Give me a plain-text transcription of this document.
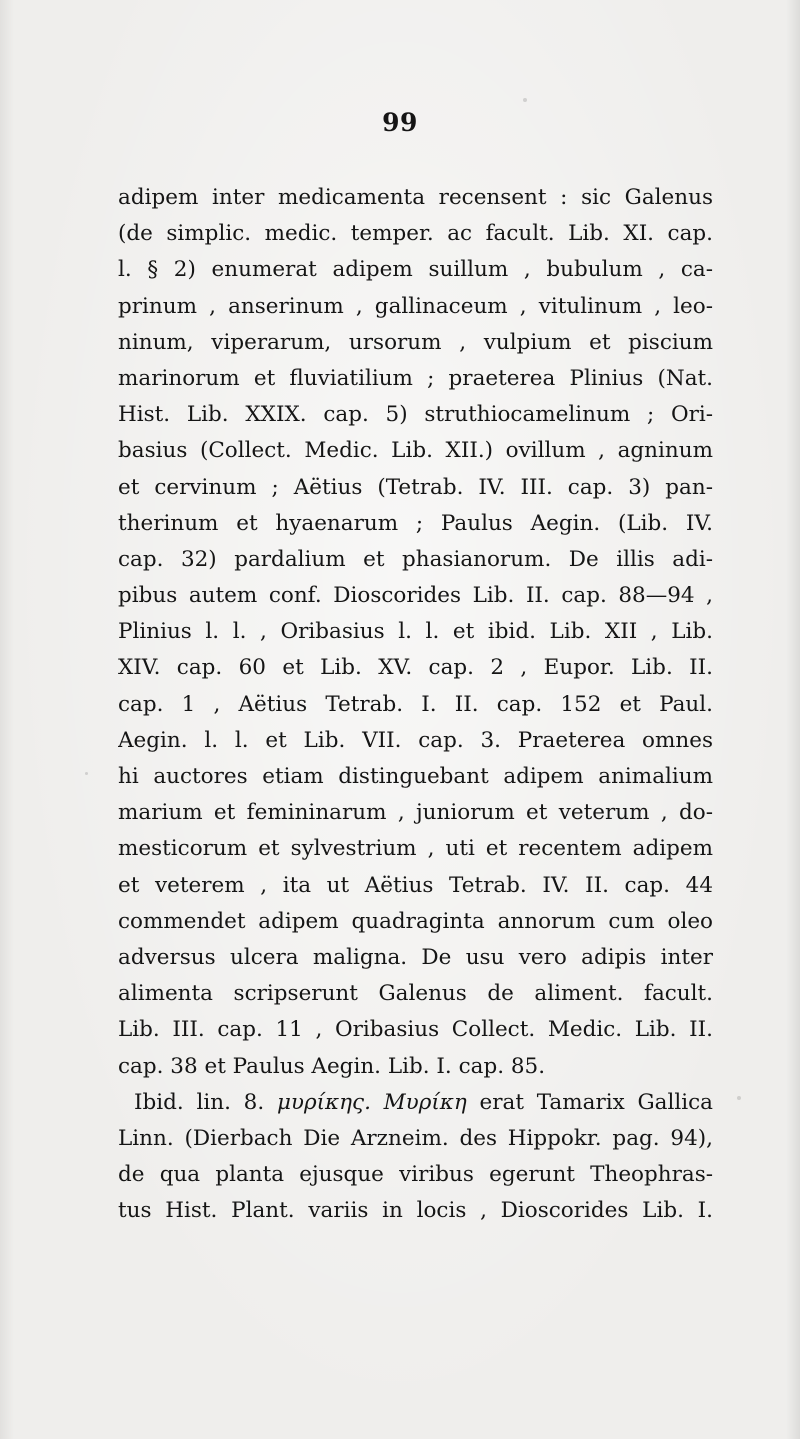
99
adipem inter medicamenta recensent : sic Galenus
(de simplic. medic. temper. ac facult. Lib. XI. cap.
l. § 2) enumerat adipem suillum , bubulum , ca-
prinum , anserinum , gallinaceum , vitulinum , leo-
ninum, viperarum, ursorum , vulpium et piscium
marinorum et fluviatilium ; praeterea Plinius (Nat.
Hist. Lib. XXIX. cap. 5) struthiocamelinum ; Ori-
basius (Collect. Medic. Lib. XII.) ovillum , agninum
et cervinum ; Aëtius (Tetrab. IV. III. cap. 3) pan-
therinum et hyaenarum ; Paulus Aegin. (Lib. IV.
cap. 32) pardalium et phasianorum. De illis adi-
pibus autem conf. Dioscorides Lib. II. cap. 88—94 ,
Plinius l. l. , Oribasius l. l. et ibid. Lib. XII , Lib.
XIV. cap. 60 et Lib. XV. cap. 2 , Eupor. Lib. II.
cap. 1 , Aëtius Tetrab. I. II. cap. 152 et Paul.
Aegin. l. l. et Lib. VII. cap. 3. Praeterea omnes
hi auctores etiam distinguebant adipem animalium
marium et femininarum , juniorum et veterum , do-
mesticorum et sylvestrium , uti et recentem adipem
et veterem , ita ut Aëtius Tetrab. IV. II. cap. 44
commendet adipem quadraginta annorum cum oleo
adversus ulcera maligna. De usu vero adipis inter
alimenta scripserunt Galenus de aliment. facult.
Lib. III. cap. 11 , Oribasius Collect. Medic. Lib. II.
cap. 38 et Paulus Aegin. Lib. I. cap. 85.
Ibid. lin. 8. μυρίκης. Μυρίκη erat Tamarix Gallica
Linn. (Dierbach Die Arzneim. des Hippokr. pag. 94),
de qua planta ejusque viribus egerunt Theophras-
tus Hist. Plant. variis in locis , Dioscorides Lib. I.
